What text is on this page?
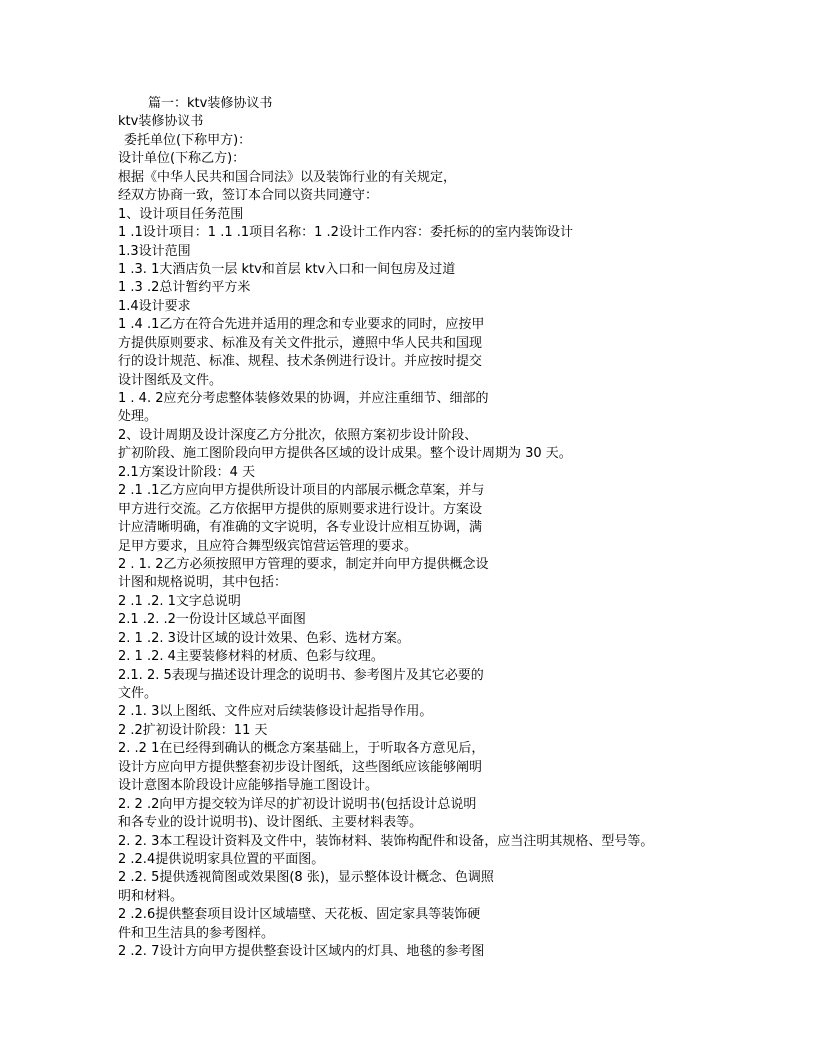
篇一：ktv装修协议书
ktv装修协议书
委托单位(下称甲方)：
设计单位(下称乙方)：
根据《中华人民共和国合同法》以及装饰行业的有关规定，
经双方协商一致，签订本合同以资共同遵守：
1、设计项目任务范围
1 .1设计项目：1 .1 .1项目名称：1 .2设计工作内容：委托标的的室内装饰设计
1.3设计范围
1 .3. 1大酒店负一层 ktv和首层 ktv入口和一间包房及过道
1 .3 .2总计暂约平方米
1.4设计要求
1 .4 .1乙方在符合先进并适用的理念和专业要求的同时，应按甲
方提供原则要求、标准及有关文件批示，遵照中华人民共和国现
行的设计规范、标准、规程、技术条例进行设计。并应按时提交
设计图纸及文件。
1 . 4. 2应充分考虑整体装修效果的协调，并应注重细节、细部的
处理。
2、设计周期及设计深度乙方分批次，依照方案初步设计阶段、
扩初阶段、施工图阶段向甲方提供各区域的设计成果。整个设计周期为 30 天。
2.1方案设计阶段：4 天
2 .1 .1乙方应向甲方提供所设计项目的内部展示概念草案，并与
甲方进行交流。乙方依据甲方提供的原则要求进行设计。方案设
计应清晰明确，有准确的文字说明，各专业设计应相互协调，满
足甲方要求，且应符合舞型级宾馆营运管理的要求。
2 . 1. 2乙方必须按照甲方管理的要求，制定并向甲方提供概念设
计图和规格说明，其中包括：
2 .1 .2. 1文字总说明
2.1 .2. .2一份设计区域总平面图
2. 1 .2. 3设计区域的设计效果、色彩、选材方案。
2. 1 .2. 4主要装修材料的材质、色彩与纹理。
2.1. 2. 5表现与描述设计理念的说明书、参考图片及其它必要的
文件。
2 .1. 3以上图纸、文件应对后续装修设计起指导作用。
2 .2扩初设计阶段：11 天
2. .2 1在已经得到确认的概念方案基础上，于听取各方意见后，
设计方应向甲方提供整套初步设计图纸，这些图纸应该能够阐明
设计意图本阶段设计应能够指导施工图设计。
2. 2 .2向甲方提交较为详尽的扩初设计说明书(包括设计总说明
和各专业的设计说明书)、设计图纸、主要材料表等。
2. 2. 3本工程设计资料及文件中，装饰材料、装饰构配件和设备，应当注明其规格、型号等。
2 .2.4提供说明家具位置的平面图。
2 .2. 5提供透视简图或效果图(8 张)，显示整体设计概念、色调照
明和材料。
2 .2.6提供整套项目设计区域墙壁、天花板、固定家具等装饰硬
件和卫生洁具的参考图样。
2 .2. 7设计方向甲方提供整套设计区域内的灯具、地毯的参考图
